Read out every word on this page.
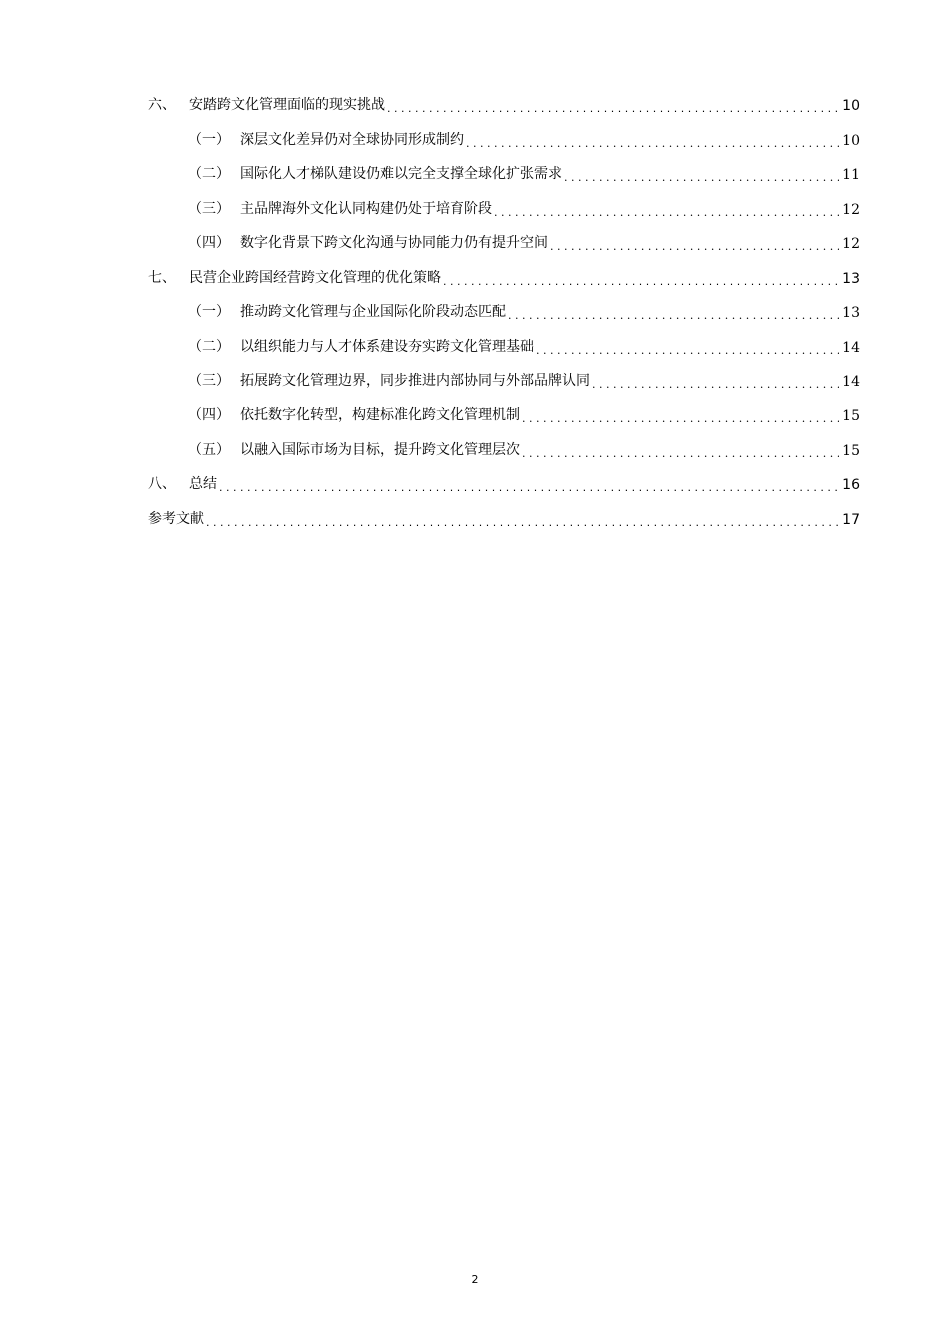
六、 安踏跨文化管理面临的现实挑战 . . .	10
（一） 深层文化差异仍对全球协同形成制约 . . .	10
（二） 国际化人才梯队建设仍难以完全支撑全球化扩张需求 . . .	11
（三） 主品牌海外文化认同构建仍处于培育阶段 . . .	12
（四） 数字化背景下跨文化沟通与协同能力仍有提升空间 . . .	12
七、 民营企业跨国经营跨文化管理的优化策略 . . .	13
（一） 推动跨文化管理与企业国际化阶段动态匹配 . . .	13
（二） 以组织能力与人才体系建设夯实跨文化管理基础 . . .	14
（三） 拓展跨文化管理边界，同步推进内部协同与外部品牌认同 . . .	14
（四） 依托数字化转型，构建标准化跨文化管理机制 . . .	15
（五） 以融入国际市场为目标，提升跨文化管理层次 . . .	15
八、 总结 . . .	16
参考文献 . . .	17
2
